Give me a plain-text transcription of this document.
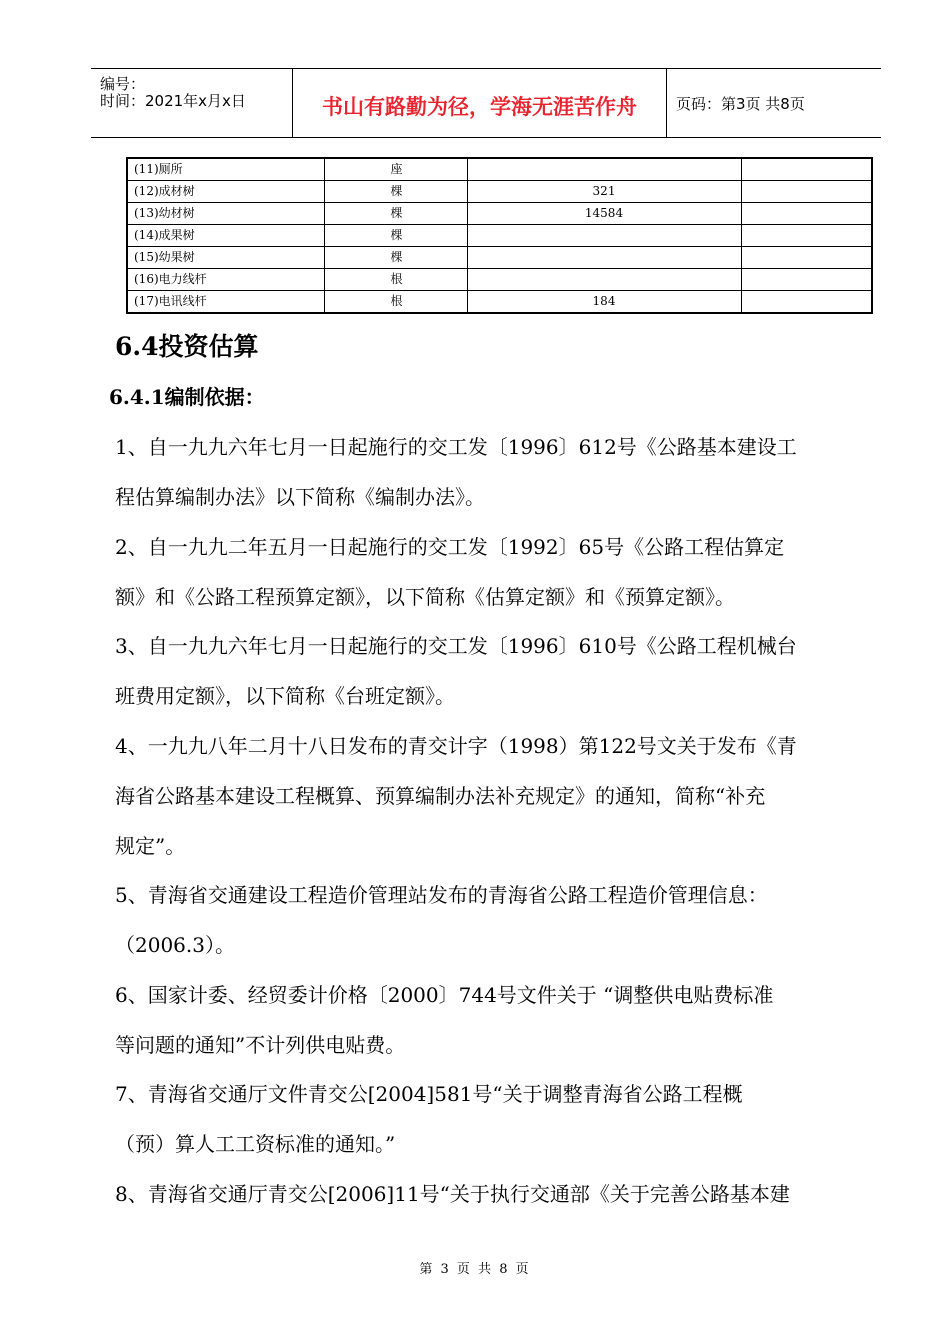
编号：
时间：2021年x月x日	书山有路勤为径，学海无涯苦作舟	页码：第3页 共8页
(11)厕所	座		
(12)成材树	棵	321	
(13)幼材树	棵	14584	
(14)成果树	棵		
(15)幼果树	棵		
(16)电力线杆	根		
(17)电讯线杆	根	184	
6.4投资估算
6.4.1编制依据：
1、自一九九六年七月一日起施行的交工发〔1996〕612号《公路基本建设工
程估算编制办法》以下简称《编制办法》。
2、自一九九二年五月一日起施行的交工发〔1992〕65号《公路工程估算定
额》和《公路工程预算定额》，以下简称《估算定额》和《预算定额》。
3、自一九九六年七月一日起施行的交工发〔1996〕610号《公路工程机械台
班费用定额》，以下简称《台班定额》。
4、一九九八年二月十八日发布的青交计字（1998）第122号文关于发布《青
海省公路基本建设工程概算、预算编制办法补充规定》的通知，简称“补充
规定”。
5、青海省交通建设工程造价管理站发布的青海省公路工程造价管理信息：
（2006.3）。
6、国家计委、经贸委计价格〔2000〕744号文件关于 “调整供电贴费标准
等问题的通知”不计列供电贴费。
7、青海省交通厅文件青交公[2004]581号“关于调整青海省公路工程概
（预）算人工工资标准的通知。”
8、青海省交通厅青交公[2006]11号“关于执行交通部《关于完善公路基本建
第 3 页 共 8 页
